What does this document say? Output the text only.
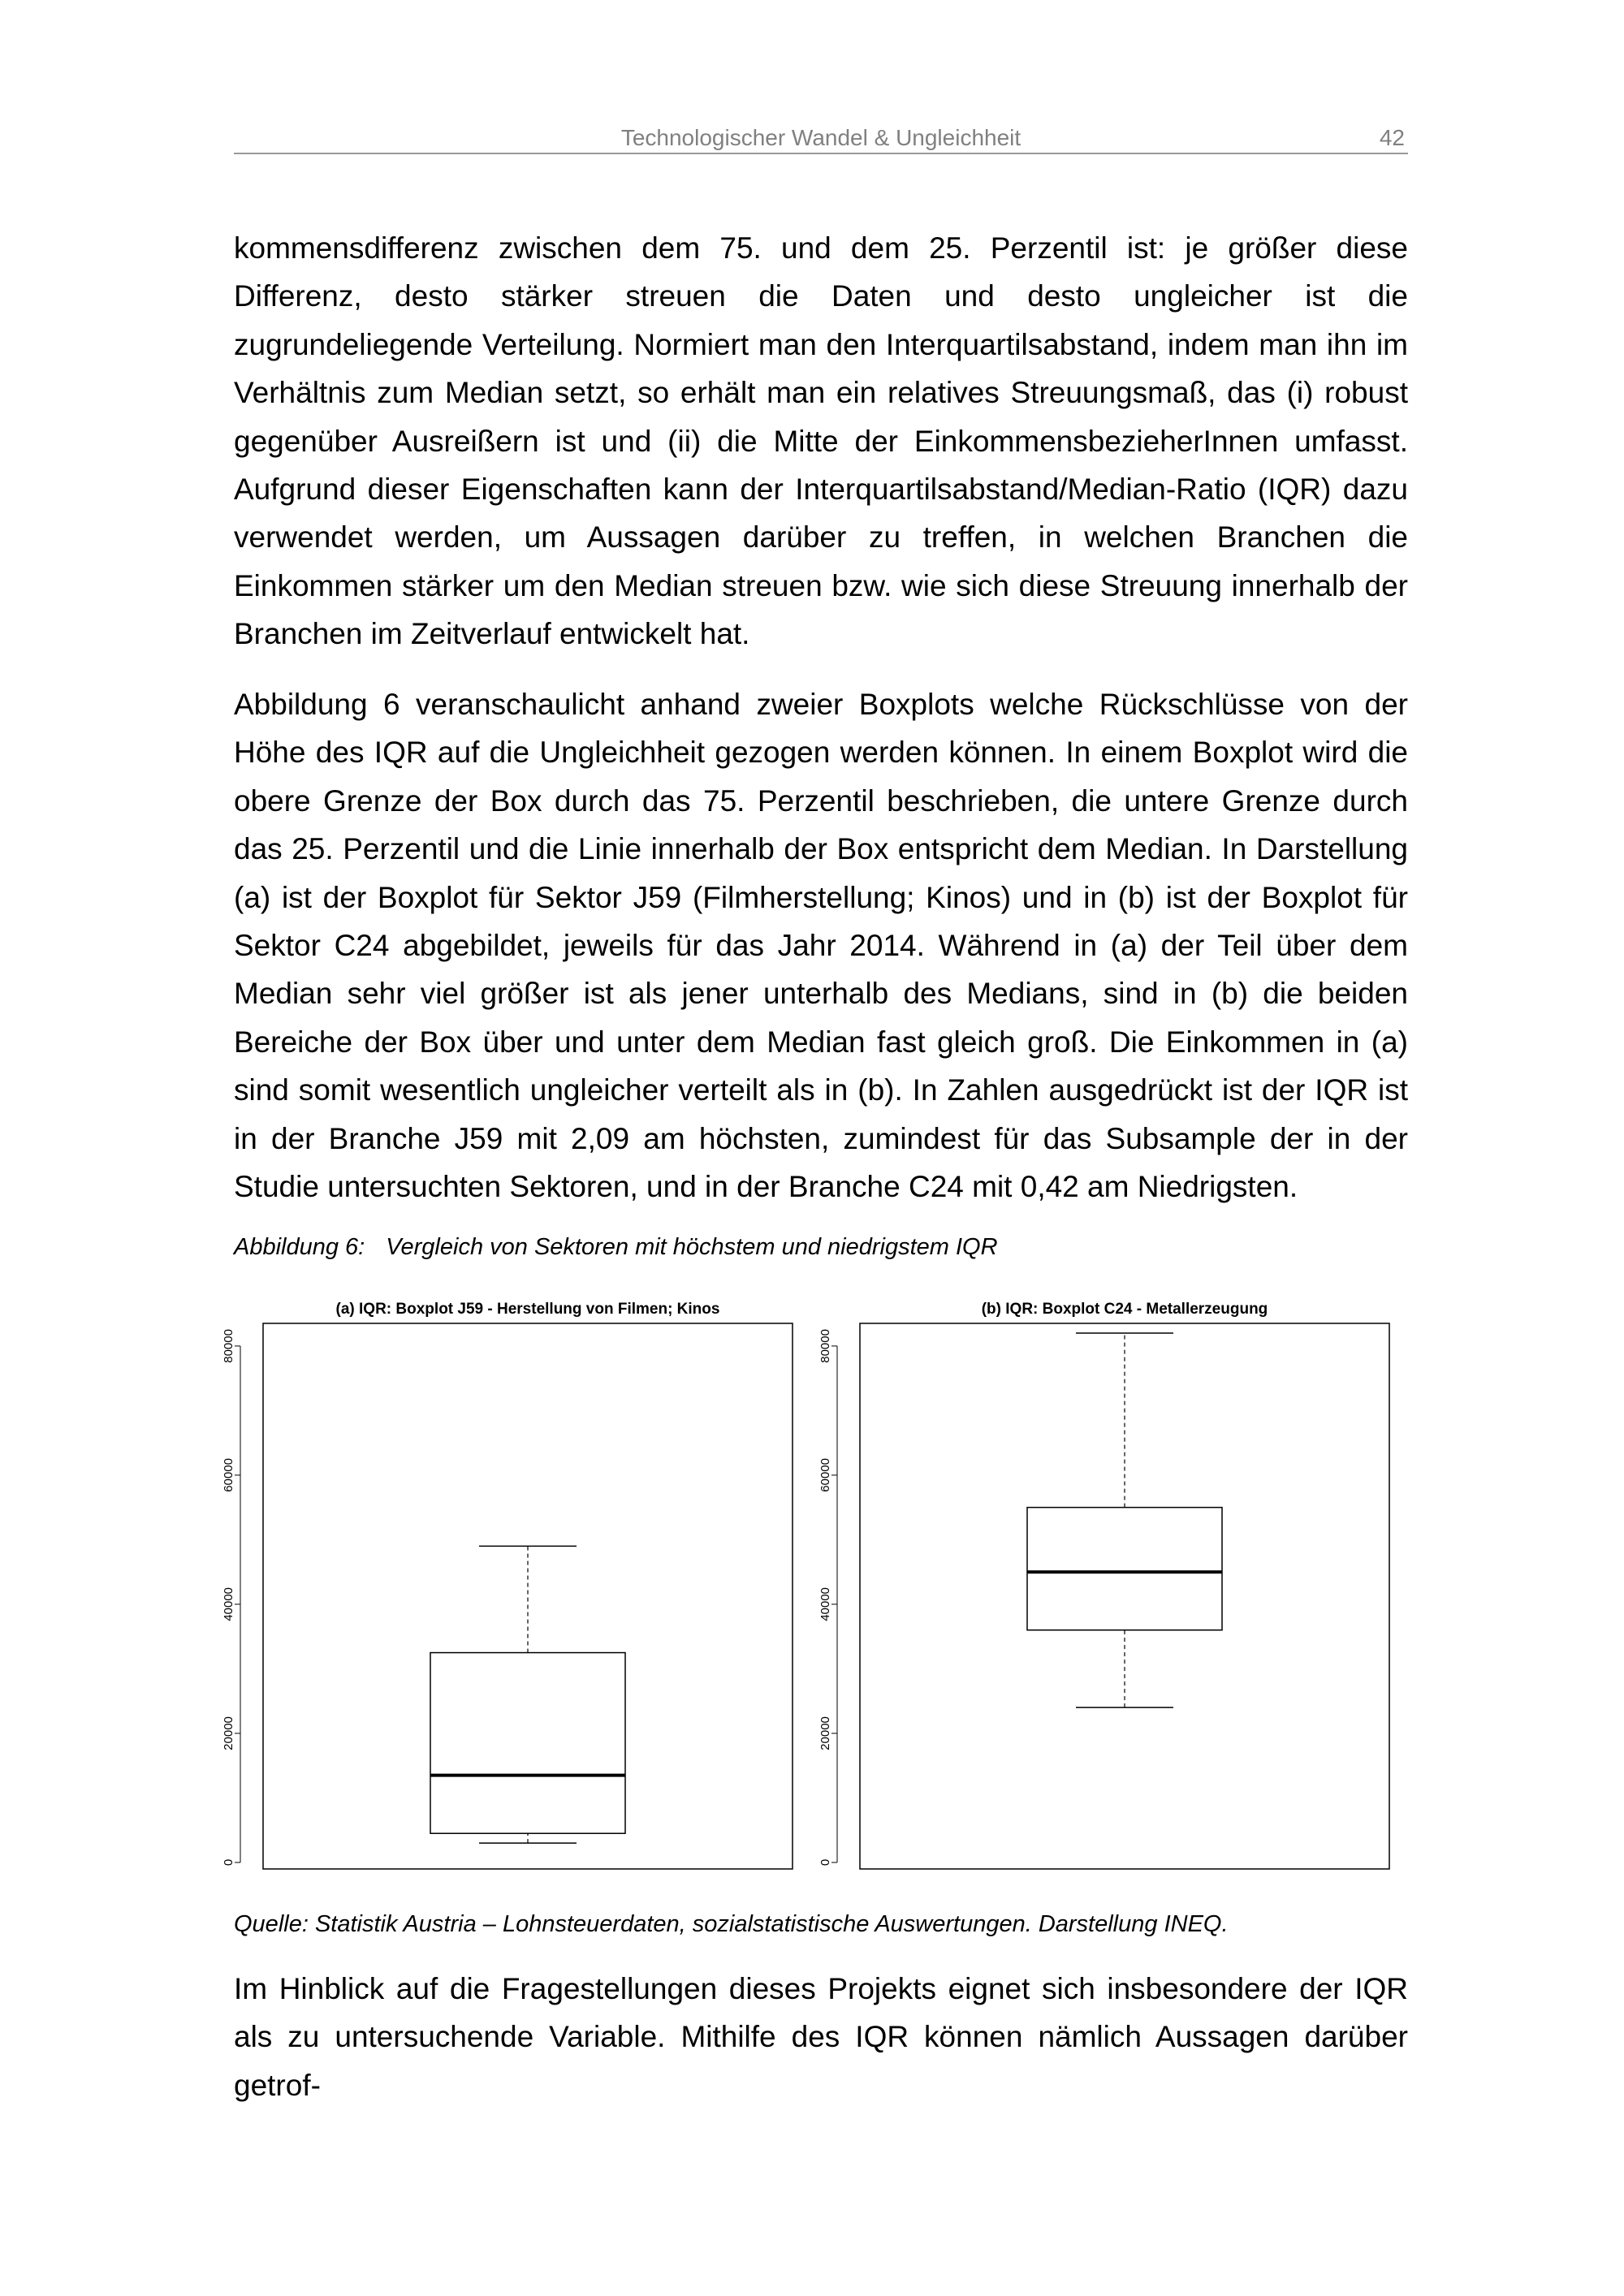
Technologischer Wandel & Ungleichheit	42

kommensdifferenz zwischen dem 75. und dem 25. Perzentil ist: je größer diese Differenz, desto stärker streuen die Daten und desto ungleicher ist die zugrundeliegende Verteilung. Normiert man den Interquartilsabstand, indem man ihn im Verhältnis zum Median setzt, so erhält man ein relatives Streuungsmaß, das (i) robust gegenüber Ausreißern ist und (ii) die Mitte der EinkommensbezieherInnen umfasst. Aufgrund dieser Eigenschaften kann der Interquartilsabstand/Median-Ratio (IQR) dazu verwendet werden, um Aussagen darüber zu treffen, in welchen Branchen die Einkommen stärker um den Median streuen bzw. wie sich diese Streuung innerhalb der Branchen im Zeitverlauf entwickelt hat.

Abbildung 6 veranschaulicht anhand zweier Boxplots welche Rückschlüsse von der Höhe des IQR auf die Ungleichheit gezogen werden können. In einem Boxplot wird die obere Grenze der Box durch das 75. Perzentil beschrieben, die untere Grenze durch das 25. Perzentil und die Linie innerhalb der Box entspricht dem Median. In Darstellung (a) ist der Boxplot für Sektor J59 (Filmherstellung; Kinos) und in (b) ist der Boxplot für Sektor C24 abgebildet, jeweils für das Jahr 2014. Während in (a) der Teil über dem Median sehr viel größer ist als jener unterhalb des Medians, sind in (b) die beiden Bereiche der Box über und unter dem Median fast gleich groß. Die Einkommen in (a) sind somit wesentlich ungleicher verteilt als in (b). In Zahlen ausgedrückt ist der IQR ist in der Branche J59 mit 2,09 am höchsten, zumindest für das Subsample der in der Studie untersuchten Sektoren, und in der Branche C24 mit 0,42 am Niedrigsten.

Abbildung 6: Vergleich von Sektoren mit höchstem und niedrigstem IQR
(a) IQR: Boxplot J59 - Herstellung von Filmen; Kinos
0
20000
40000
60000
80000
(b) IQR: Boxplot C24 - Metallerzeugung
0
20000
40000
60000
80000
Quelle: Statistik Austria – Lohnsteuerdaten, sozialstatistische Auswertungen. Darstellung INEQ.

Im Hinblick auf die Fragestellungen dieses Projekts eignet sich insbesondere der IQR als zu untersuchende Variable. Mithilfe des IQR können nämlich Aussagen darüber getrof-
